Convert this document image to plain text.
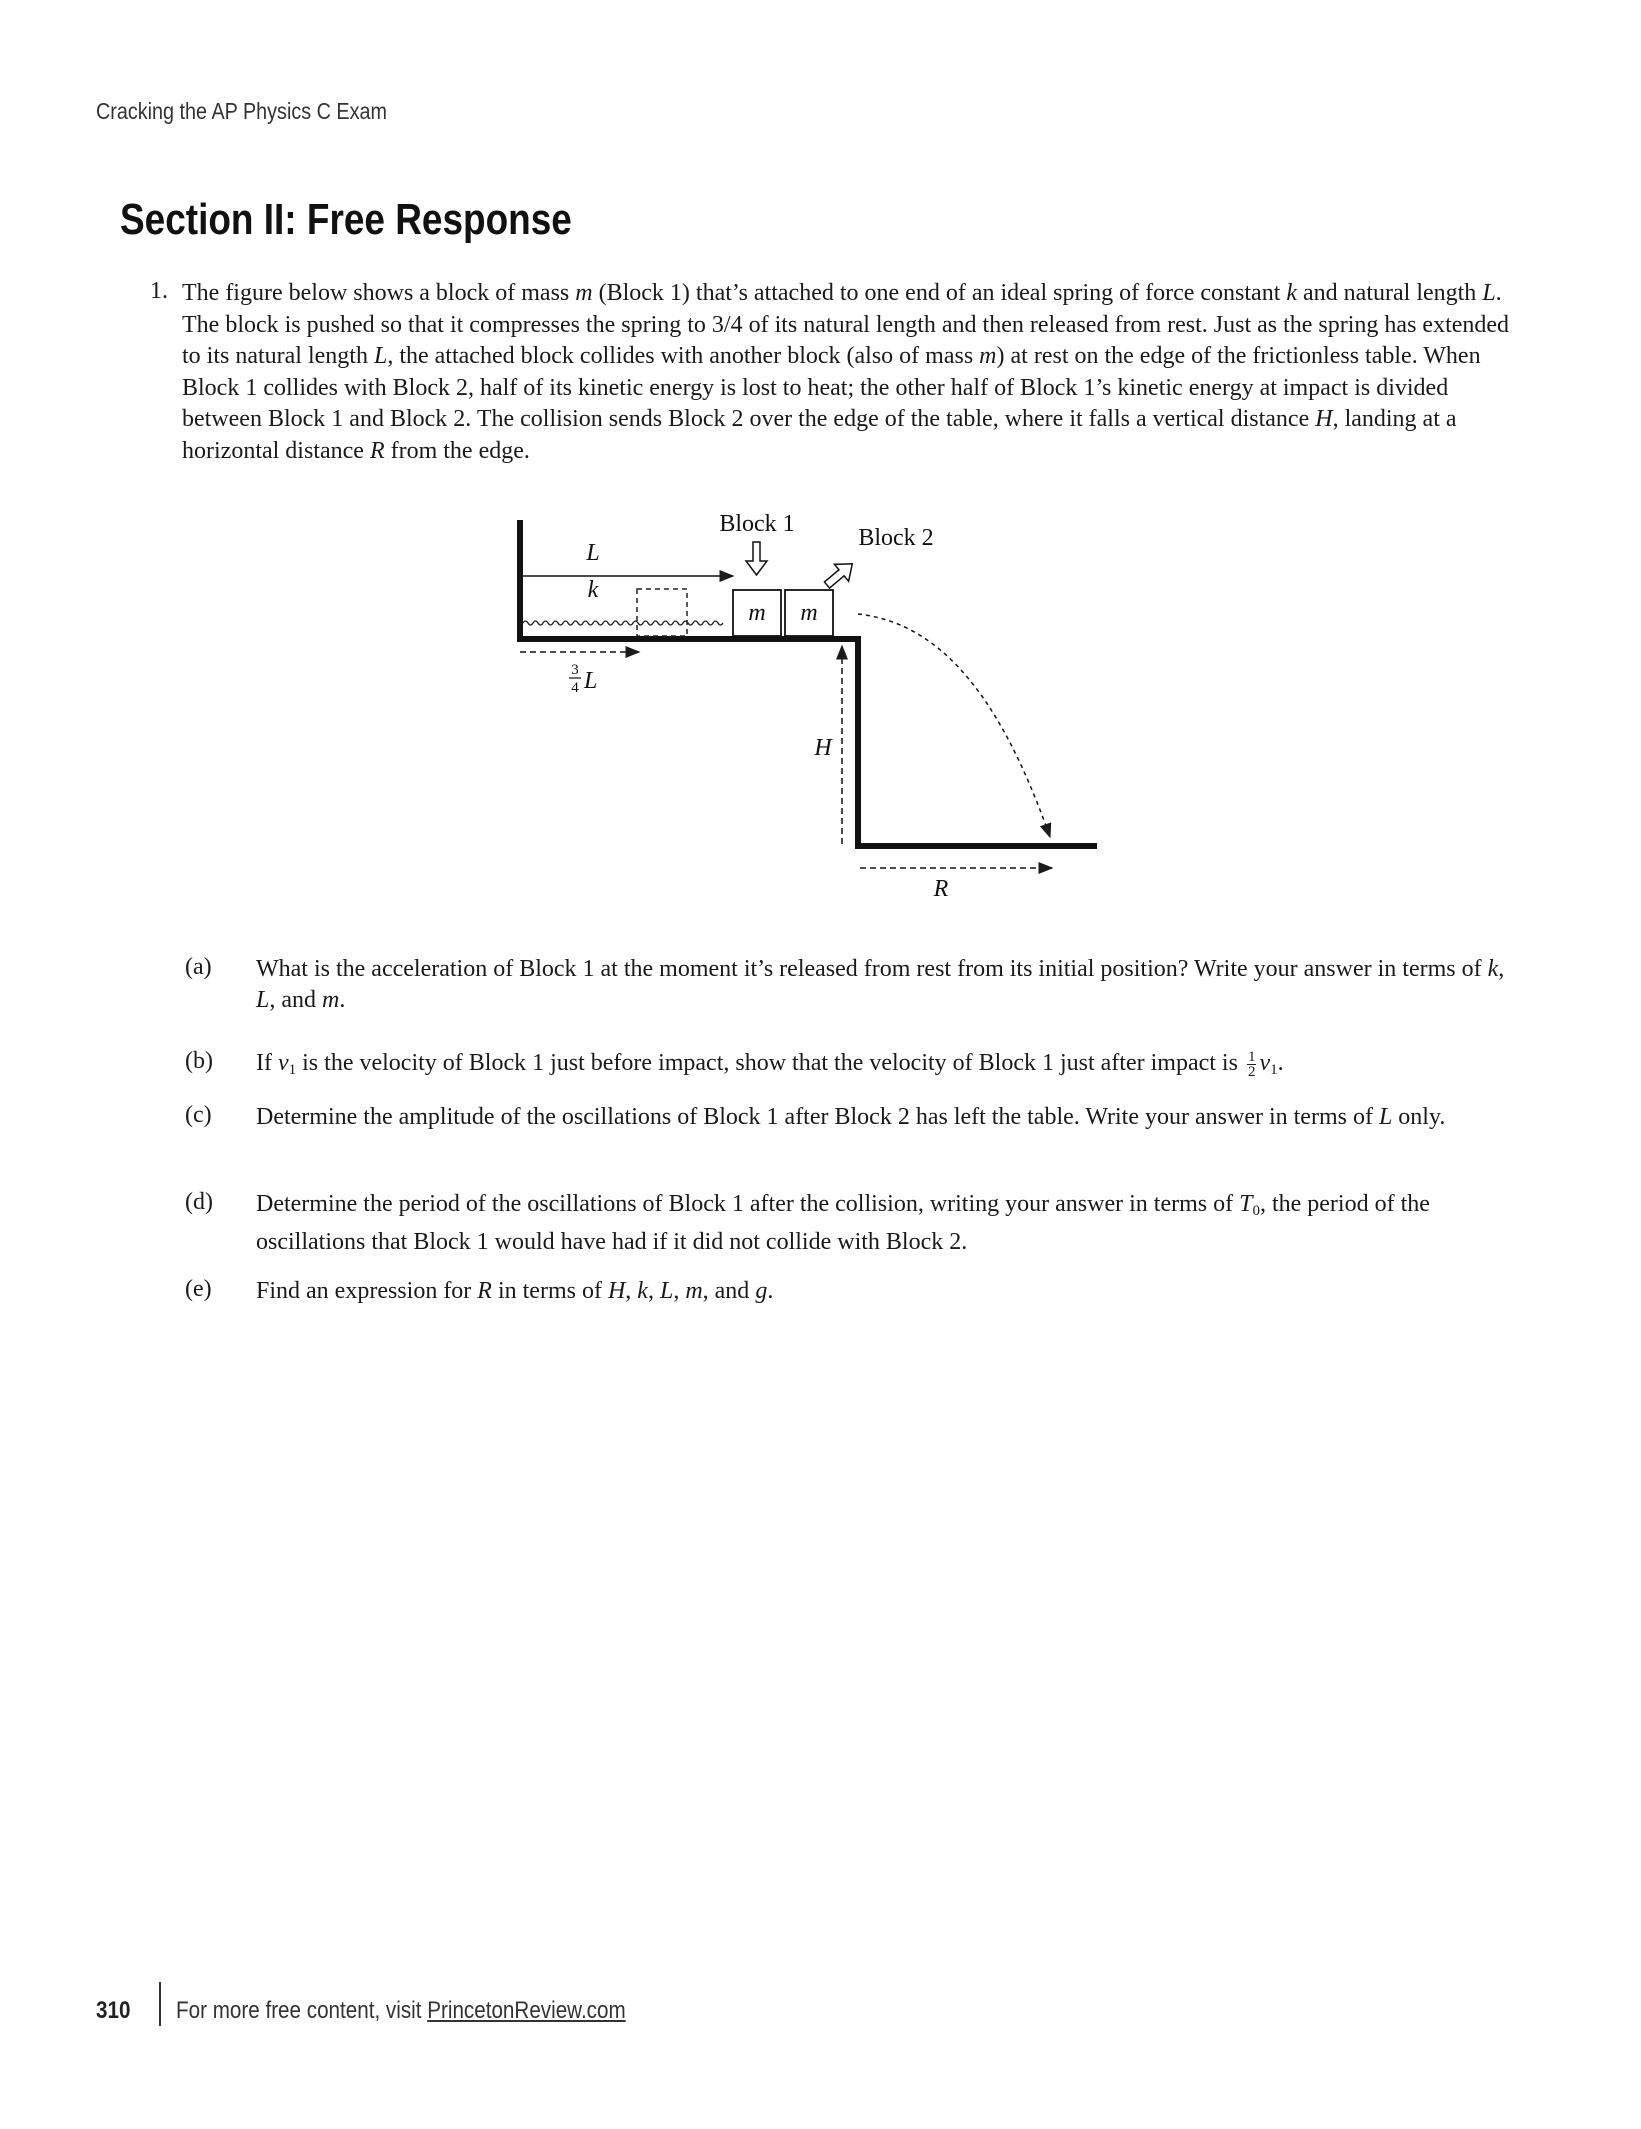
Cracking the AP Physics C Exam
Section II: Free Response
1. The figure below shows a block of mass m (Block 1) that’s attached to one end of an ideal spring of force constant k and natural length L. The block is pushed so that it compresses the spring to 3/4 of its natural length and then released from rest. Just as the spring has extended to its natural length L, the attached block collides with another block (also of mass m) at rest on the edge of the frictionless table. When Block 1 collides with Block 2, half of its kinetic energy is lost to heat; the other half of Block 1’s kinetic energy at impact is divided between Block 1 and Block 2. The collision sends Block 2 over the edge of the table, where it falls a vertical distance H, landing at a horizontal distance R from the edge.
Block 1
Block 2
L
k
m m
3
4 L
H
R
(a) What is the acceleration of Block 1 at the moment it’s released from rest from its initial position? Write your answer in terms of k, L, and m.
(b) If $v_1$ is the velocity of Block 1 just before impact, show that the velocity of Block 1 just after impact is $\frac{1}{2} v_1$.
(c) Determine the amplitude of the oscillations of Block 1 after Block 2 has left the table. Write your answer in terms of L only.
(d) Determine the period of the oscillations of Block 1 after the collision, writing your answer in terms of $T_0$, the period of the oscillations that Block 1 would have had if it did not collide with Block 2.
(e) Find an expression for R in terms of H, k, L, m, and g.
310 For more free content, visit PrincetonReview.com
